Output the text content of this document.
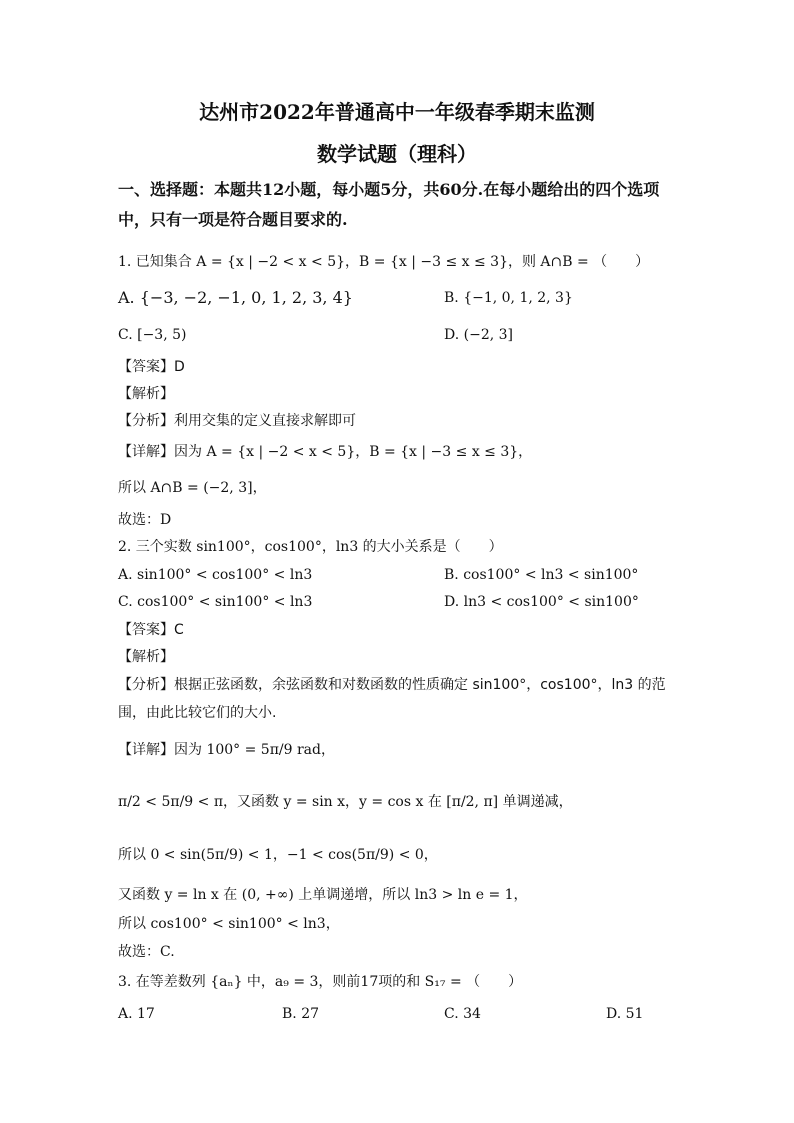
达州市2022年普通高中一年级春季期末监测
数学试题（理科）
一、选择题：本题共12小题，每小题5分，共60分.在每小题给出的四个选项
中，只有一项是符合题目要求的.
1. 已知集合 A = {x | −2 < x < 5}，B = {x | −3 ≤ x ≤ 3}，则 A∩B = （　　）
A. {−3, −2, −1, 0, 1, 2, 3, 4}	B. {−1, 0, 1, 2, 3}
C. [−3, 5)	D. (−2, 3]
【答案】D
【解析】
【分析】利用交集的定义直接求解即可
【详解】因为 A = {x | −2 < x < 5}，B = {x | −3 ≤ x ≤ 3}，
所以 A∩B = (−2, 3]，
故选：D
2. 三个实数 sin100°，cos100°，ln3 的大小关系是（　　）
A. sin100° < cos100° < ln3	B. cos100° < ln3 < sin100°
C. cos100° < sin100° < ln3	D. ln3 < cos100° < sin100°
【答案】C
【解析】
【分析】根据正弦函数，余弦函数和对数函数的性质确定 sin100°，cos100°，ln3 的范
围，由此比较它们的大小.
【详解】因为 100° = 5π/9 rad，
π/2 < 5π/9 < π，又函数 y = sin x，y = cos x 在 [π/2, π] 单调递减，
所以 0 < sin(5π/9) < 1，−1 < cos(5π/9) < 0，
又函数 y = ln x 在 (0, +∞) 上单调递增，所以 ln3 > ln e = 1，
所以 cos100° < sin100° < ln3，
故选：C.
3. 在等差数列 {aₙ} 中，a₉ = 3，则前17项的和 S₁₇ = （　　）
A. 17	B. 27	C. 34	D. 51
